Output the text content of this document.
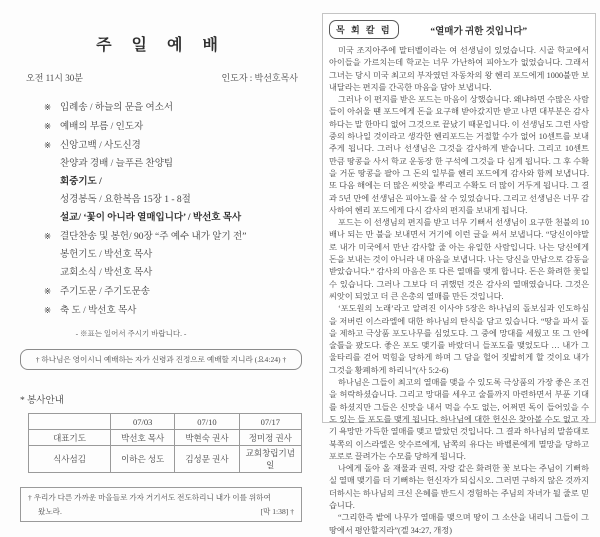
주 일 예 배
오전 11시 30분	인도자 : 박선호목사
※ 입례송 / 하늘의 문을 여소서
※ 예배의 부름 / 인도자
※ 신앙고백 / 사도신경
찬양과 경배 / 늘푸른 찬양팀
회중기도 /
성경봉독 / 요한복음 15장 1 - 8절
설교/ ‘꽃이 아니라 열매입니다’ / 박선호 목사
※ 결단찬송 및 봉헌/ 90장 “주 예수 내가 알기 전”
봉헌기도 / 박선호 목사
교회소식 / 박선호 목사
※ 주기도문 / 주기도문송
※ 축 도 / 박선호 목사
- ※표는 일어서 주시기 바랍니다. -
† 하나님은 영이시니 예배하는 자가 신령과 진정으로 예배할 지니라 (요4:24) †
* 봉사안내
	07/03	07/10	07/17
대표기도	박선호 목사	박현숙 권사	정미정 권사
식사섬김	이하은 성도	김성문 권사	교회창립기념일
† 우리가 다른 가까운 마을들로 가자 거기서도 전도하리니 내가 이를 위하여
왔노라.	[막 1:38] †
목 회 칼 럼	“열매가 귀한 것입니다”

미국 조지아주에 말터벨이라는 여 선생님이 있었습니다. 시골 학교에서 아이들을 가르치는데 학교는 너무 가난하여 피아노가 없었습니다. 그래서 그녀는 당시 미국 최고의 부자였던 자동차의 왕 헨리 포드에게 1000불만 보내달라는 편지를 간곡한 마음을 담아 보냅니다.

그러나 이 편지를 받은 포드는 마음이 상했습니다. 왜냐하면 수많은 사람들이 아쉬울 땐 포드에게 돈을 요구해 받아갔지만 받고 나면 대부분은 감사하다는 말 한마디 없어 그것으로 끝났기 때문입니다. 이 선생님도 그런 사람 중의 하나일 것이라고 생각한 헨리포드는 거절할 수가 없어 10센트를 보내주게 됩니다. 그러나 선생님은 그것을 감사하게 받습니다. 그리고 10센트 만큼 땅콩을 사서 학교 운동장 한 구석에 그것을 다 심게 됩니다. 그 후 수확을 거둔 땅콩을 팔아 그 돈의 일부를 헨리 포드에게 감사와 함께 보냅니다. 또 다음 해에는 더 많은 씨앗을 뿌리고 수확도 더 많이 거두게 됩니다. 그 결과 5년 만에 선생님은 피아노를 살 수 있었습니다. 그리고 선생님은 너무 감사하여 헨리 포드에게 다시 감사의 편지를 보내게 됩니다.

포드는 이 선생님의 편지를 받고 너무 기뻐서 선생님이 요구한 천불의 10배나 되는 만 불을 보내면서 거기에 이런 글을 써서 보냅니다. “당신이야말로 내가 미국에서 만난 감사할 줄 아는 유일한 사람입니다. 나는 당신에게 돈을 보내는 것이 아니라 내 마음을 보냅니다. 나는 당신을 만남으로 감동을 받았습니다.” 감사의 마음은 또 다른 열매를 맺게 합니다. 돈은 화려한 꽃일 수 있습니다. 그러나 그보다 더 귀했던 것은 감사의 열매였습니다. 그것은 씨앗이 되었고 더 큰 은총의 열매를 만든 것입니다.

‘포도원의 노래’라고 알려진 이사야 5장은 하나님의 돌보심과 인도하심을 저버린 이스라엘에 대한 하나님의 탄식을 담고 있습니다. “땅을 파서 돌을 제하고 극상품 포도나무를 심었도다. 그 중에 망대를 세웠고 또 그 안에 술틀을 팠도다. 좋은 포도 맺기를 바랐더니 들포도를 맺었도다 … 내가 그 울타리를 걷어 먹힘을 당하게 하며 그 담을 헐어 짓밟히게 할 것이요 내가 그것을 황폐하게 하리니”(사 5:2-6)

하나님은 그들이 최고의 열매를 맺을 수 있도록 극상품의 가장 좋은 조건을 허락하셨습니다. 그리고 망대를 세우고 술틀까지 마련하면서 부푼 기대를 하셨지만 그들은 신맛을 내서 먹을 수도 없는, 어쩌면 독이 들어있을 수도 있는 들 포도를 맺게 됩니다. 하나님에 대한 헌신은 찾아볼 수도 없고 자기 욕망만 가득한 열매를 맺고 말았던 것입니다. 그 결과 하나님의 말씀대로 북쪽의 이스라엘은 앗수르에게, 남쪽의 유다는 바벨론에게 멸망을 당하고 포로로 끌려가는 수모를 당하게 됩니다.

나에게 돌아 올 재물과 권력, 자랑 같은 화려한 꽃 보다는 주님이 기뻐하실 열매 맺기를 더 기뻐하는 헌신자가 되십시오. 그러면 구하지 않은 것까지 더하시는 하나님의 크신 은혜를 반드시 경험하는 주님의 자녀가 될 줄로 믿습니다.

“그리한즉 밭에 나무가 열매를 맺으며 땅이 그 소산을 내리니 그들이 그 땅에서 평안할지라”(겔 34:27, 개정)
